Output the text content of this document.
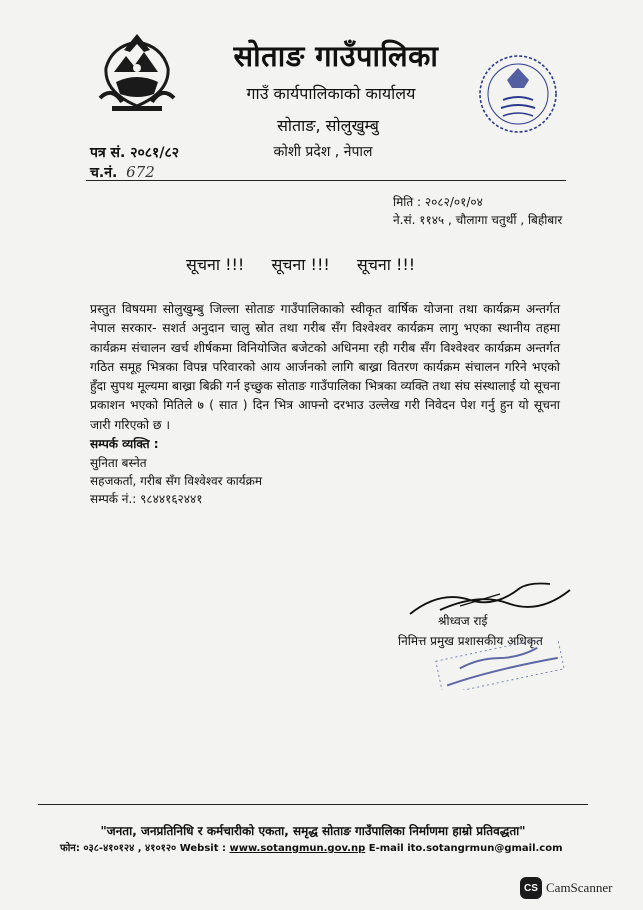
सोताङ गाउँपालिका
गाउँ कार्यपालिकाको कार्यालय
सोताङ, सोलुखुम्बु
कोशी प्रदेश , नेपाल
पत्र सं. २०८१/८२
च.नं. 672
मिति : २०८२/०१/०४
ने.सं. ११४५ , चौलागा चतुर्थी , बिहीबार
सूचना !!! सूचना !!! सूचना !!!
प्रस्तुत विषयमा सोलुखुम्बु जिल्ला सोताङ गाउँपालिकाको स्वीकृत वार्षिक योजना तथा कार्यक्रम अन्तर्गत नेपाल सरकार- सशर्त अनुदान चालु स्रोत तथा गरीब सँग विश्वेश्वर कार्यक्रम लागु भएका स्थानीय तहमा कार्यक्रम संचालन खर्च शीर्षकमा विनियोजित बजेटको अधिनमा रही गरीब सँग विश्वेश्वर कार्यक्रम अन्तर्गत गठित समूह भित्रका विपन्न परिवारको आय आर्जनको लागि बाख्रा वितरण कार्यक्रम संचालन गरिने भएको हुँदा सुपथ मूल्यमा बाख्रा बिक्री गर्न इच्छुक सोताङ गाउँपालिका भित्रका व्यक्ति तथा संघ संस्थालाई यो सूचना प्रकाशन भएको मितिले ७ ( सात ) दिन भित्र आफ्नो दरभाउ उल्लेख गरी निवेदन पेश गर्नु हुन यो सूचना जारी गरिएको छ ।
सम्पर्क व्यक्ति :
सुनिता बस्नेत
सहजकर्ता, गरीब सँग विश्वेश्वर कार्यक्रम
सम्पर्क नं.: ९८४४१६२४४१
श्रीध्वज राई
निमित्त प्रमुख प्रशासकीय अधिकृत
"जनता, जनप्रतिनिधि र कर्मचारीको एकता, समृद्ध सोताङ गाउँपालिका निर्माणमा हाम्रो प्रतिवद्धता"
फोन: ०३८-४१०१२४ , ४१०१२० Websit : www.sotangmun.gov.np E-mail ito.sotangrmun@gmail.com
CS CamScanner
